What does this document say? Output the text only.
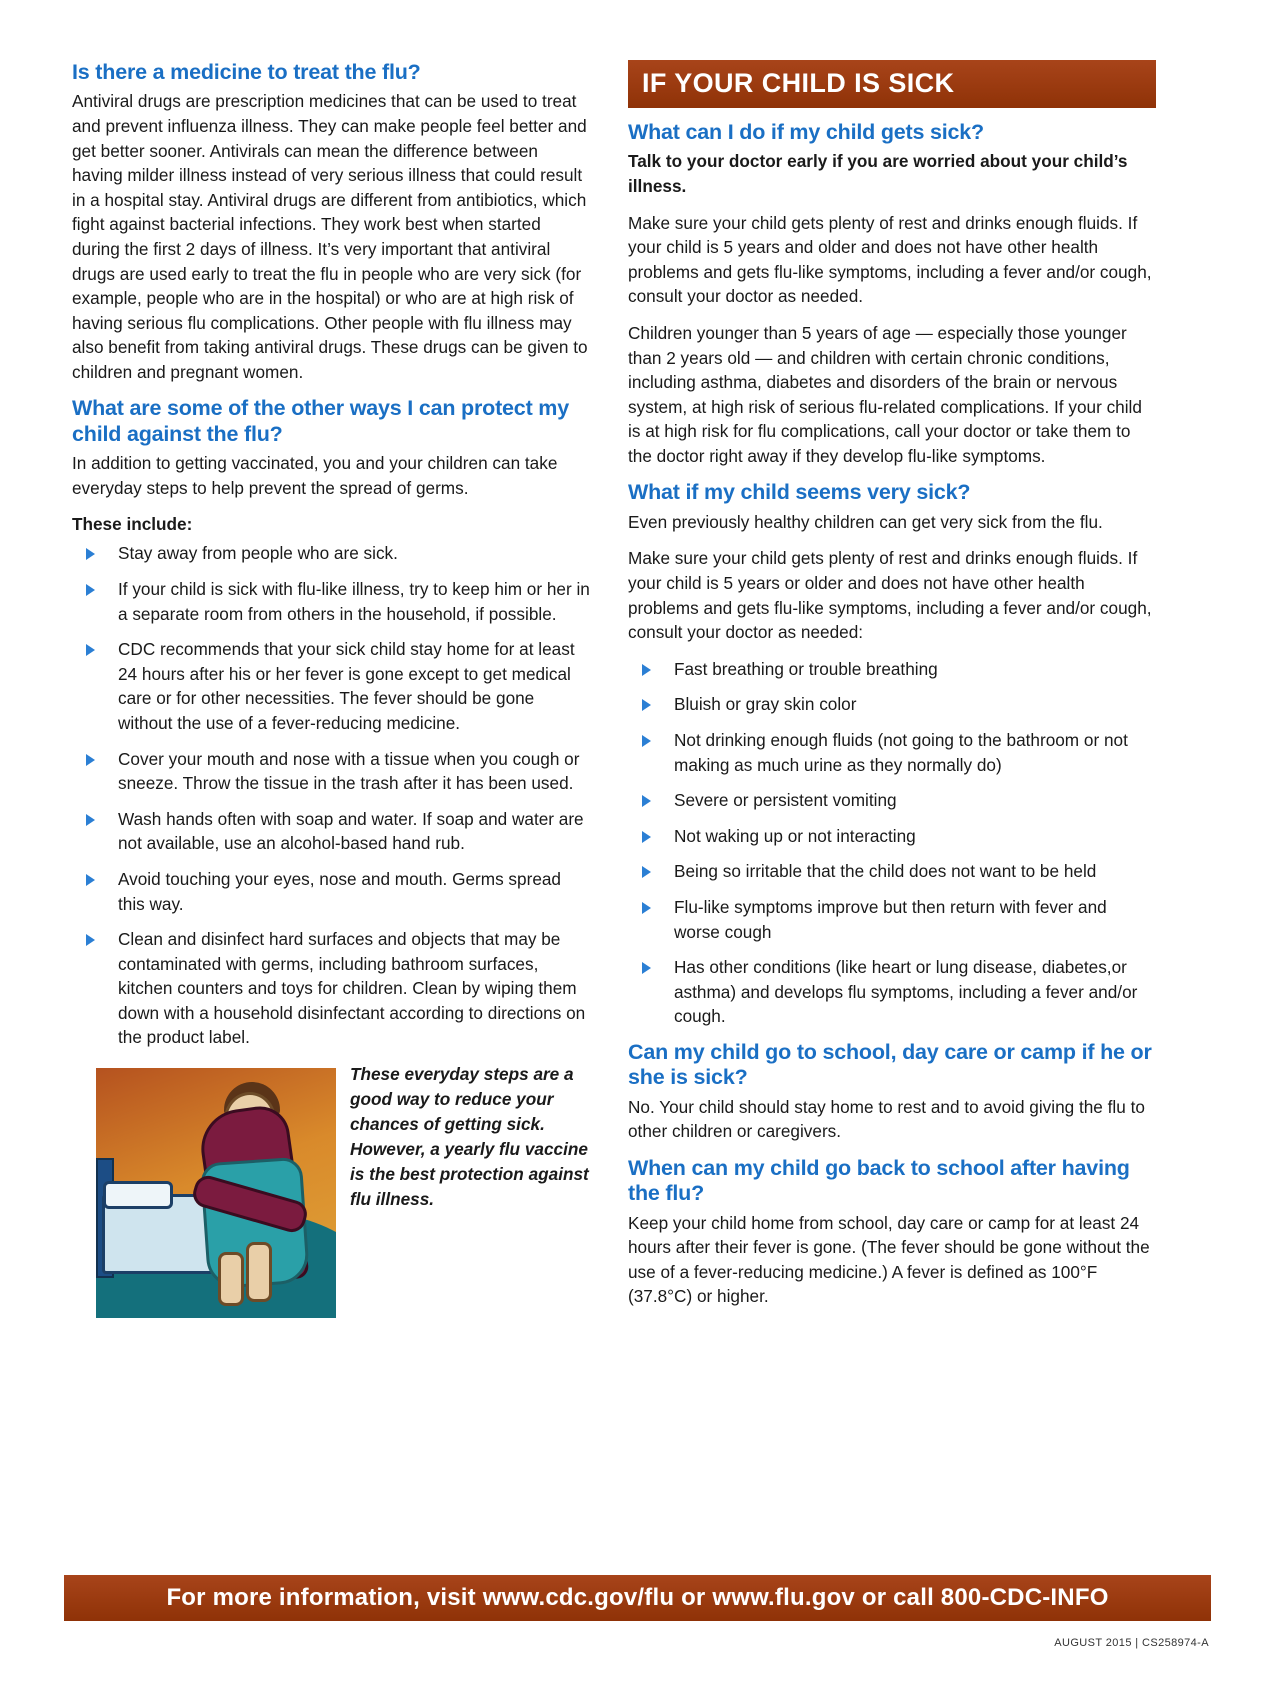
Is there a medicine to treat the flu?

Antiviral drugs are prescription medicines that can be used to treat and prevent influenza illness. They can make people feel better and get better sooner. Antivirals can mean the difference between having milder illness instead of very serious illness that could result in a hospital stay. Antiviral drugs are different from antibiotics, which fight against bacterial infections. They work best when started during the first 2 days of illness. It’s very important that antiviral drugs are used early to treat the flu in people who are very sick (for example, people who are in the hospital) or who are at high risk of having serious flu complications. Other people with flu illness may also benefit from taking antiviral drugs. These drugs can be given to children and pregnant women.

What are some of the other ways I can protect my child against the flu?

In addition to getting vaccinated, you and your children can take everyday steps to help prevent the spread of germs.

These include:
Stay away from people who are sick.
If your child is sick with flu-like illness, try to keep him or her in a separate room from others in the household, if possible.
CDC recommends that your sick child stay home for at least 24 hours after his or her fever is gone except to get medical care or for other necessities. The fever should be gone without the use of a fever-reducing medicine.
Cover your mouth and nose with a tissue when you cough or sneeze. Throw the tissue in the trash after it has been used.
Wash hands often with soap and water. If soap and water are not available, use an alcohol-based hand rub.
Avoid touching your eyes, nose and mouth. Germs spread this way.
Clean and disinfect hard surfaces and objects that may be contaminated with germs, including bathroom surfaces, kitchen counters and toys for children. Clean by wiping them down with a household disinfectant according to directions on the product label.
These everyday steps are a good way to reduce your chances of getting sick. However, a yearly flu vaccine is the best protection against flu illness.
IF YOUR CHILD IS SICK
What can I do if my child gets sick?

Talk to your doctor early if you are worried about your child’s illness.

Make sure your child gets plenty of rest and drinks enough fluids. If your child is 5 years and older and does not have other health problems and gets flu-like symptoms, including a fever and/or cough, consult your doctor as needed.

Children younger than 5 years of age — especially those younger than 2 years old — and children with certain chronic conditions, including asthma, diabetes and disorders of the brain or nervous system, at high risk of serious flu-related complications. If your child is at high risk for flu complications, call your doctor or take them to the doctor right away if they develop flu-like symptoms.

What if my child seems very sick?

Even previously healthy children can get very sick from the flu.

Make sure your child gets plenty of rest and drinks enough fluids. If your child is 5 years or older and does not have other health problems and gets flu-like symptoms, including a fever and/or cough, consult your doctor as needed:

Fast breathing or trouble breathing
Bluish or gray skin color
Not drinking enough fluids (not going to the bathroom or not making as much urine as they normally do)
Severe or persistent vomiting
Not waking up or not interacting
Being so irritable that the child does not want to be held
Flu-like symptoms improve but then return with fever and worse cough
Has other conditions (like heart or lung disease, diabetes,or asthma) and develops flu symptoms, including a fever and/or cough.
Can my child go to school, day care or camp if he or she is sick?

No. Your child should stay home to rest and to avoid giving the flu to other children or caregivers.

When can my child go back to school after having the flu?

Keep your child home from school, day care or camp for at least 24 hours after their fever is gone. (The fever should be gone without the use of a fever-reducing medicine.) A fever is defined as 100°F (37.8°C) or higher.

For more information, visit www.cdc.gov/flu or www.flu.gov or call 800-CDC-INFO
AUGUST 2015 | CS258974-A
